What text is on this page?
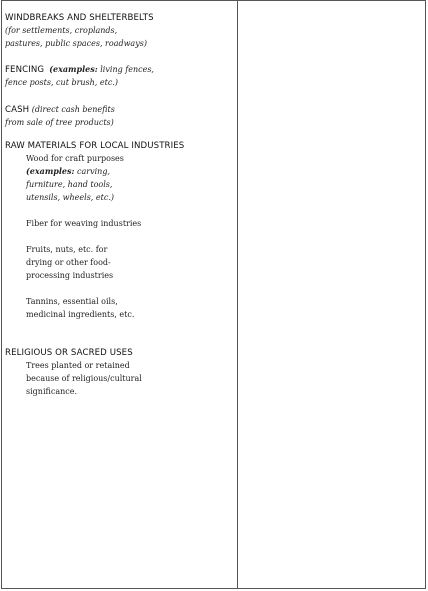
WINDBREAKS AND SHELTERBELTS
(for settlements, croplands,
pastures, public spaces, roadways)
FENCING (examples: living fences,
fence posts, cut brush, etc.)
CASH (direct cash benefits
from sale of tree products)
RAW MATERIALS FOR LOCAL INDUSTRIES
Wood for craft purposes
(examples: carving,
furniture, hand tools,
utensils, wheels, etc.)
Fiber for weaving industries
Fruits, nuts, etc. for
drying or other food-
processing industries
Tannins, essential oils,
medicinal ingredients, etc.
RELIGIOUS OR SACRED USES
Trees planted or retained
because of religious/cultural
significance.
